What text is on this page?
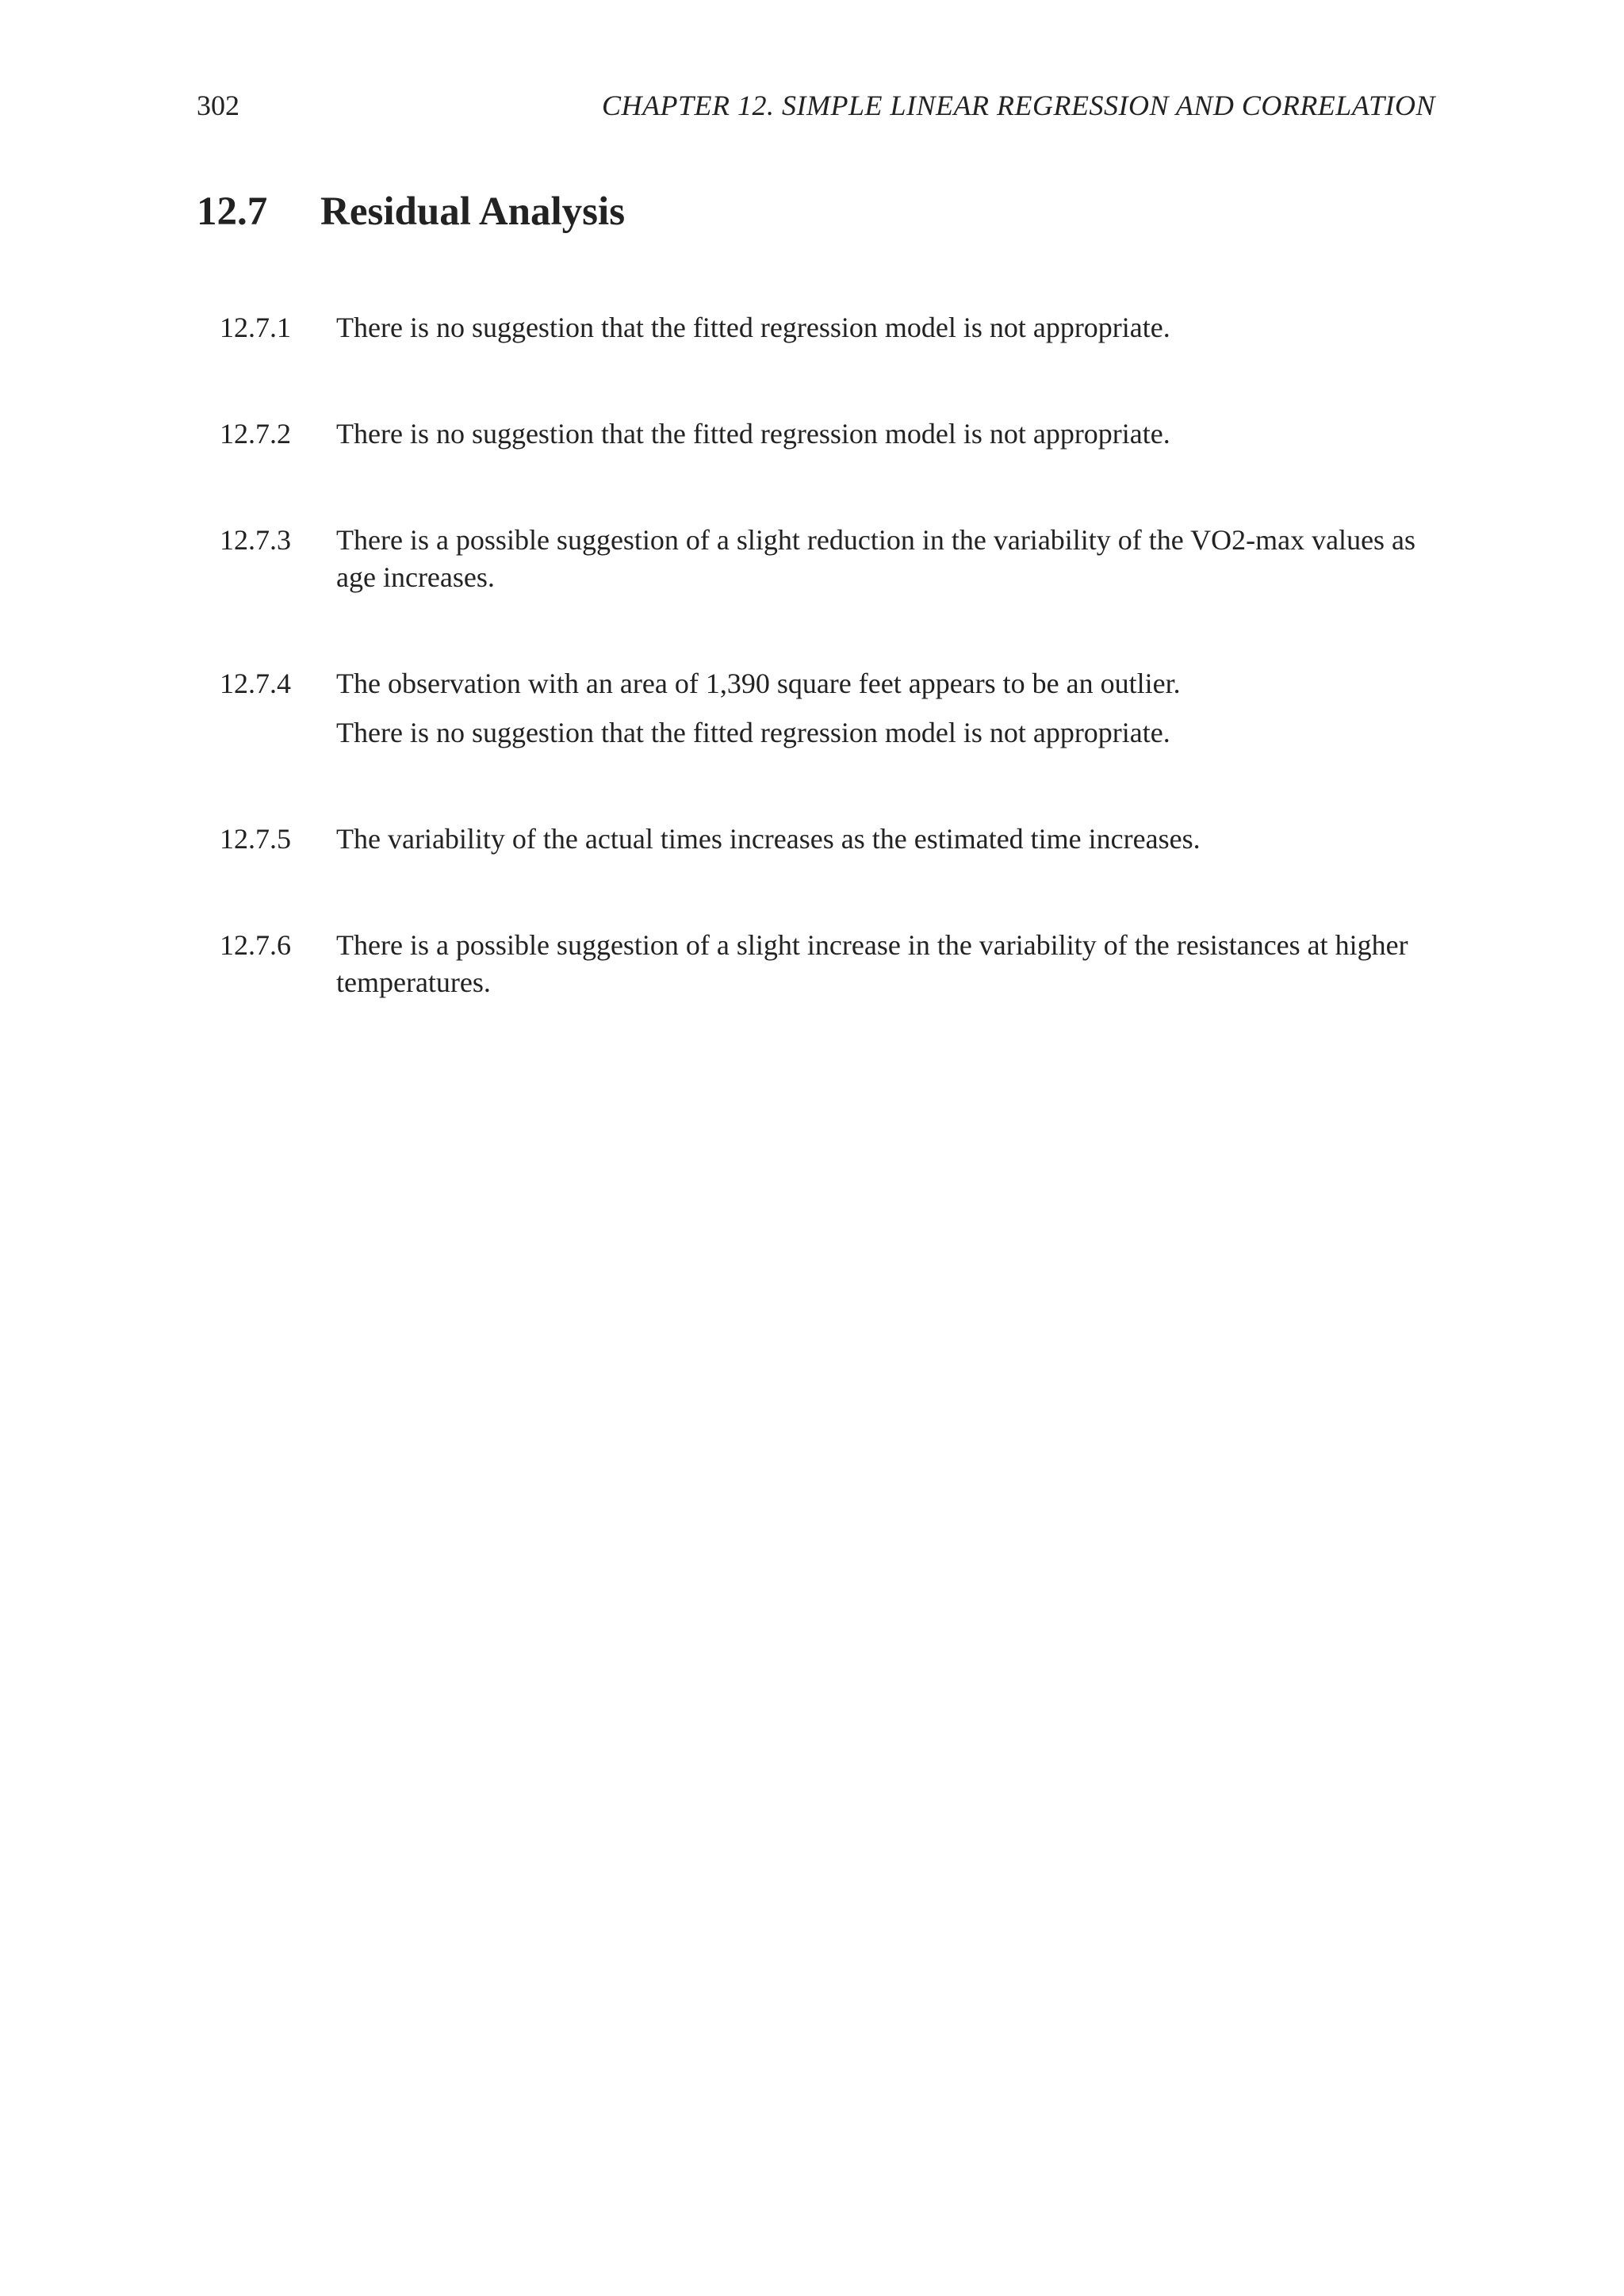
302	CHAPTER 12. SIMPLE LINEAR REGRESSION AND CORRELATION
12.7 Residual Analysis
12.7.1 There is no suggestion that the fitted regression model is not appropriate.

12.7.2 There is no suggestion that the fitted regression model is not appropriate.

12.7.3 There is a possible suggestion of a slight reduction in the variability of the VO2-max values as age increases.

12.7.4 The observation with an area of 1,390 square feet appears to be an outlier.

There is no suggestion that the fitted regression model is not appropriate.

12.7.5 The variability of the actual times increases as the estimated time increases.

12.7.6 There is a possible suggestion of a slight increase in the variability of the resistances at higher temperatures.
